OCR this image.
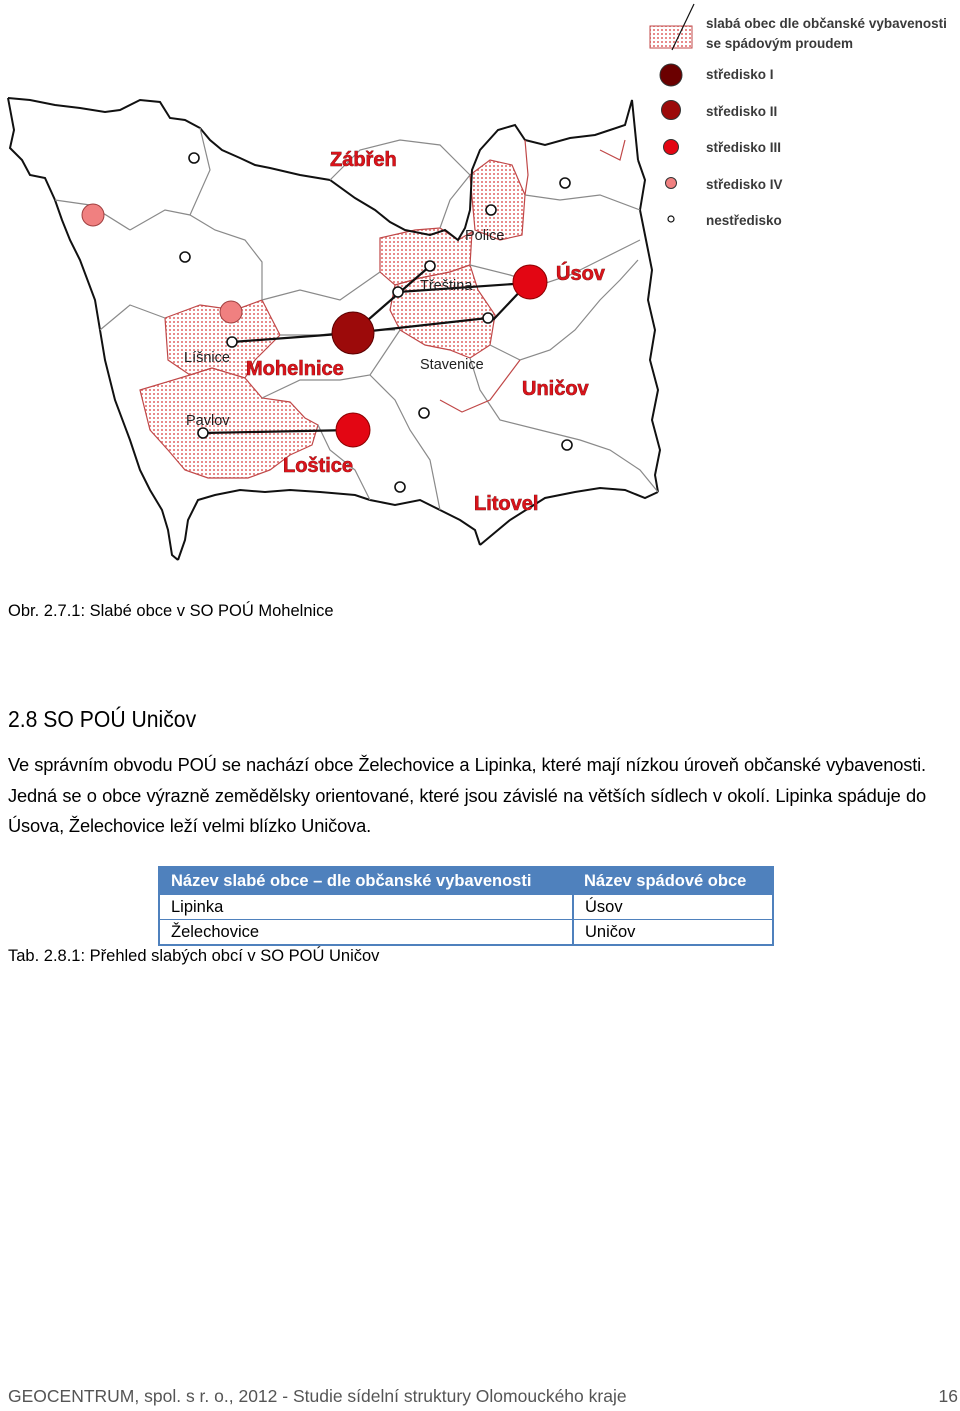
Zábřeh
Mohelnice
Úsov
Uničov
Litovel
Loštice
Police
Třeština
Stavenice
Líšnice
Pavlov
slabá obec dle občanské vybavenosti
se spádovým proudem
středisko I
středisko II
středisko III
středisko IV
nestředisko
Obr. 2.7.1: Slabé obce v SO POÚ Mohelnice
2.8 SO POÚ Uničov
Ve správním obvodu POÚ se nachází obce Želechovice a Lipinka, které mají nízkou úroveň občanské vybavenosti. Jedná se o obce výrazně zemědělsky orientované, které jsou závislé na větších sídlech v okolí. Lipinka spáduje do Úsova, Želechovice leží velmi blízko Uničova.
Název slabé obce – dle občanské vybavenosti	Název spádové obce
Lipinka	Úsov
Želechovice	Uničov
Tab. 2.8.1: Přehled slabých obcí v SO POÚ Uničov
GEOCENTRUM, spol. s r. o., 2012 - Studie sídelní struktury Olomouckého kraje	16
